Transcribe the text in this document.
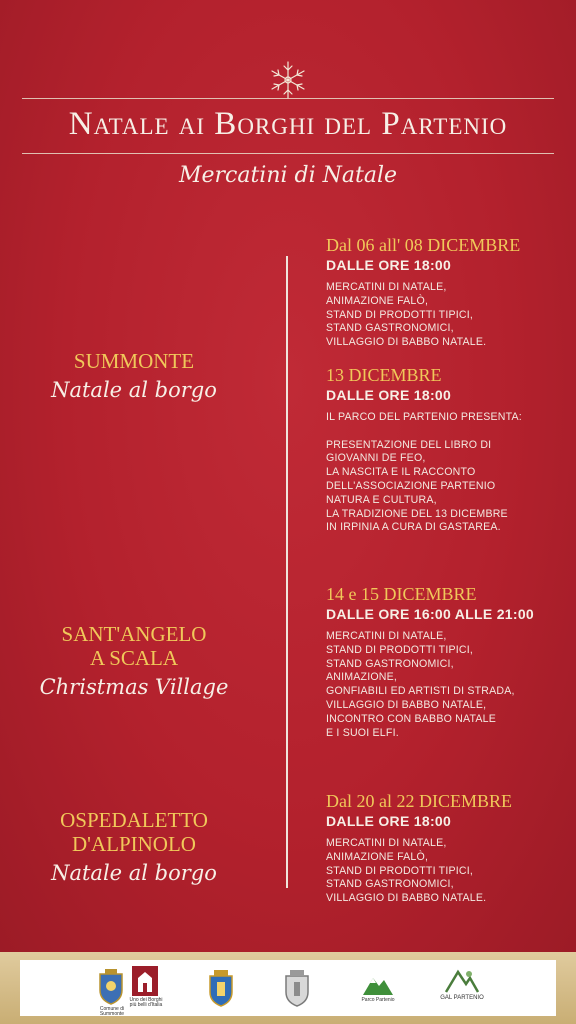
Natale ai Borghi del Partenio
Mercatini di Natale
SUMMONTE
Natale al borgo
SANT'ANGELO
A SCALA
Christmas Village
OSPEDALETTO
D'ALPINOLO
Natale al borgo
Dal 06 all' 08 DICEMBRE
DALLE ORE 18:00
MERCATINI DI NATALE,
ANIMAZIONE FALÒ,
STAND DI PRODOTTI TIPICI,
STAND GASTRONOMICI,
VILLAGGIO DI BABBO NATALE.
13 DICEMBRE
DALLE ORE 18:00
IL PARCO DEL PARTENIO PRESENTA:

PRESENTAZIONE DEL LIBRO DI
GIOVANNI DE FEO,
LA NASCITA E IL RACCONTO
DELL'ASSOCIAZIONE PARTENIO
NATURA E CULTURA,
LA TRADIZIONE DEL 13 DICEMBRE
IN IRPINIA A CURA DI GASTAREA.
14 e 15 DICEMBRE
DALLE ORE 16:00 ALLE 21:00
MERCATINI DI NATALE,
STAND DI PRODOTTI TIPICI,
STAND GASTRONOMICI,
ANIMAZIONE,
GONFIABILI ED ARTISTI DI STRADA,
VILLAGGIO DI BABBO NATALE,
INCONTRO CON BABBO NATALE
E I SUOI ELFI.
Dal 20 al 22 DICEMBRE
DALLE ORE 18:00
MERCATINI DI NATALE,
ANIMAZIONE FALÒ,
STAND DI PRODOTTI TIPICI,
STAND GASTRONOMICI,
VILLAGGIO DI BABBO NATALE.
Comune di Summonte
Uno dei Borghi più belli d'Italia
Parco Partenio	GAL PARTENIO
